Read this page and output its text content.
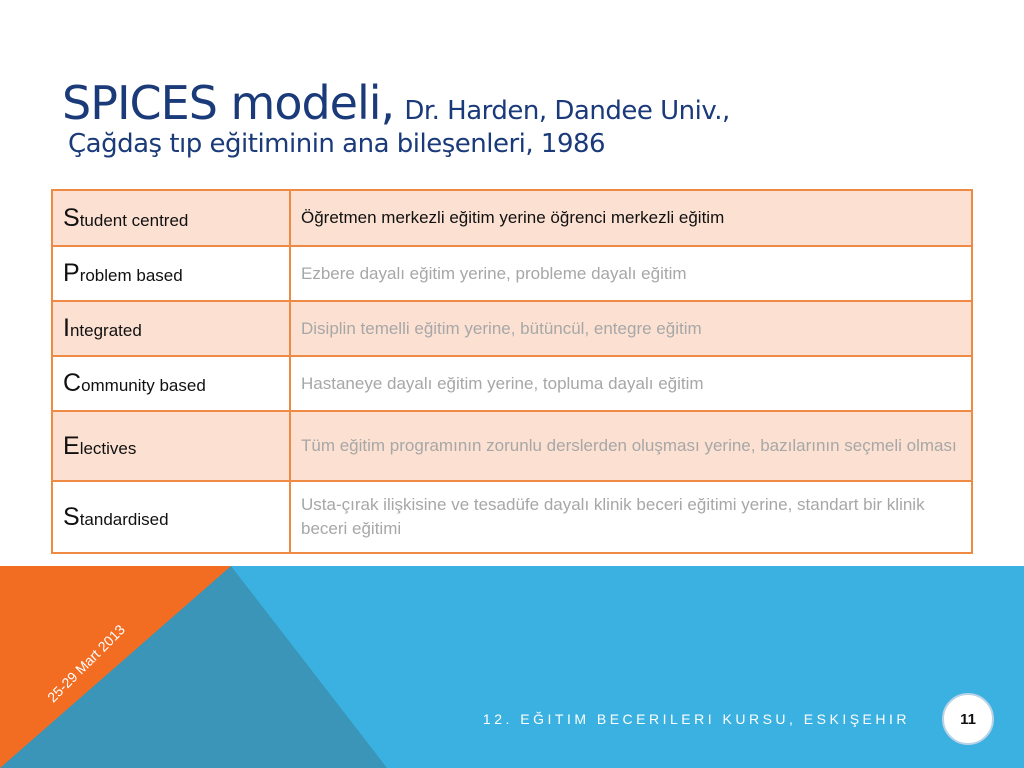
SPICES modeli, Dr. Harden, Dandee Univ.,
Çağdaş tıp eğitiminin ana bileşenleri, 1986
Student centred	Öğretmen merkezli eğitim yerine öğrenci merkezli eğitim
Problem based	Ezbere dayalı eğitim yerine, probleme dayalı eğitim
Integrated	Disiplin temelli eğitim yerine, bütüncül, entegre eğitim
Community based	Hastaneye dayalı eğitim yerine, topluma dayalı eğitim
Electives	Tüm eğitim programının zorunlu derslerden oluşması yerine, bazılarının seçmeli olması
Standardised	Usta-çırak ilişkisine ve tesadüfe dayalı klinik beceri eğitimi yerine, standart bir klinik beceri eğitimi
25-29 Mart 2013
12. EĞITIM BECERILERI KURSU, ESKIŞEHIR	11
